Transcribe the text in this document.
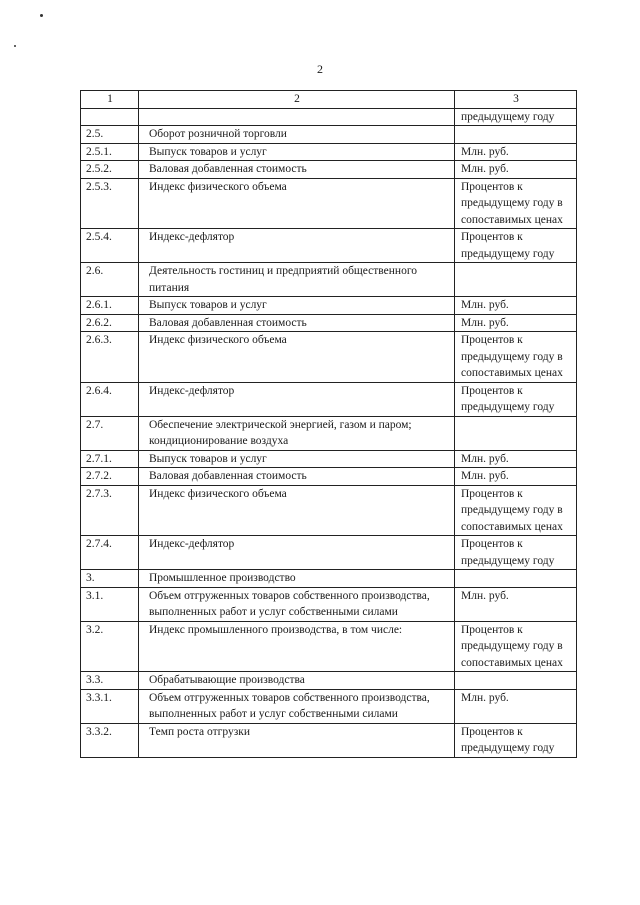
2
1	2	3
		предыдущему году
2.5.	Оборот розничной торговли	
2.5.1.	Выпуск товаров и услуг	Млн. руб.
2.5.2.	Валовая добавленная стоимость	Млн. руб.
2.5.3.	Индекс физического объема	Процентов к предыдущему году в сопоставимых ценах
2.5.4.	Индекс-дефлятор	Процентов к предыдущему году
2.6.	Деятельность гостиниц и предприятий общественного питания	
2.6.1.	Выпуск товаров и услуг	Млн. руб.
2.6.2.	Валовая добавленная стоимость	Млн. руб.
2.6.3.	Индекс физического объема	Процентов к предыдущему году в сопоставимых ценах
2.6.4.	Индекс-дефлятор	Процентов к предыдущему году
2.7.	Обеспечение электрической энергией, газом и паром; кондиционирование воздуха	
2.7.1.	Выпуск товаров и услуг	Млн. руб.
2.7.2.	Валовая добавленная стоимость	Млн. руб.
2.7.3.	Индекс физического объема	Процентов к предыдущему году в сопоставимых ценах
2.7.4.	Индекс-дефлятор	Процентов к предыдущему году
3.	Промышленное производство	
3.1.	Объем отгруженных товаров собственного производства, выполненных работ и услуг собственными силами	Млн. руб.
3.2.	Индекс промышленного производства, в том числе:	Процентов к предыдущему году в сопоставимых ценах
3.3.	Обрабатывающие производства	
3.3.1.	Объем отгруженных товаров собственного производства, выполненных работ и услуг собственными силами	Млн. руб.
3.3.2.	Темп роста отгрузки	Процентов к предыдущему году
